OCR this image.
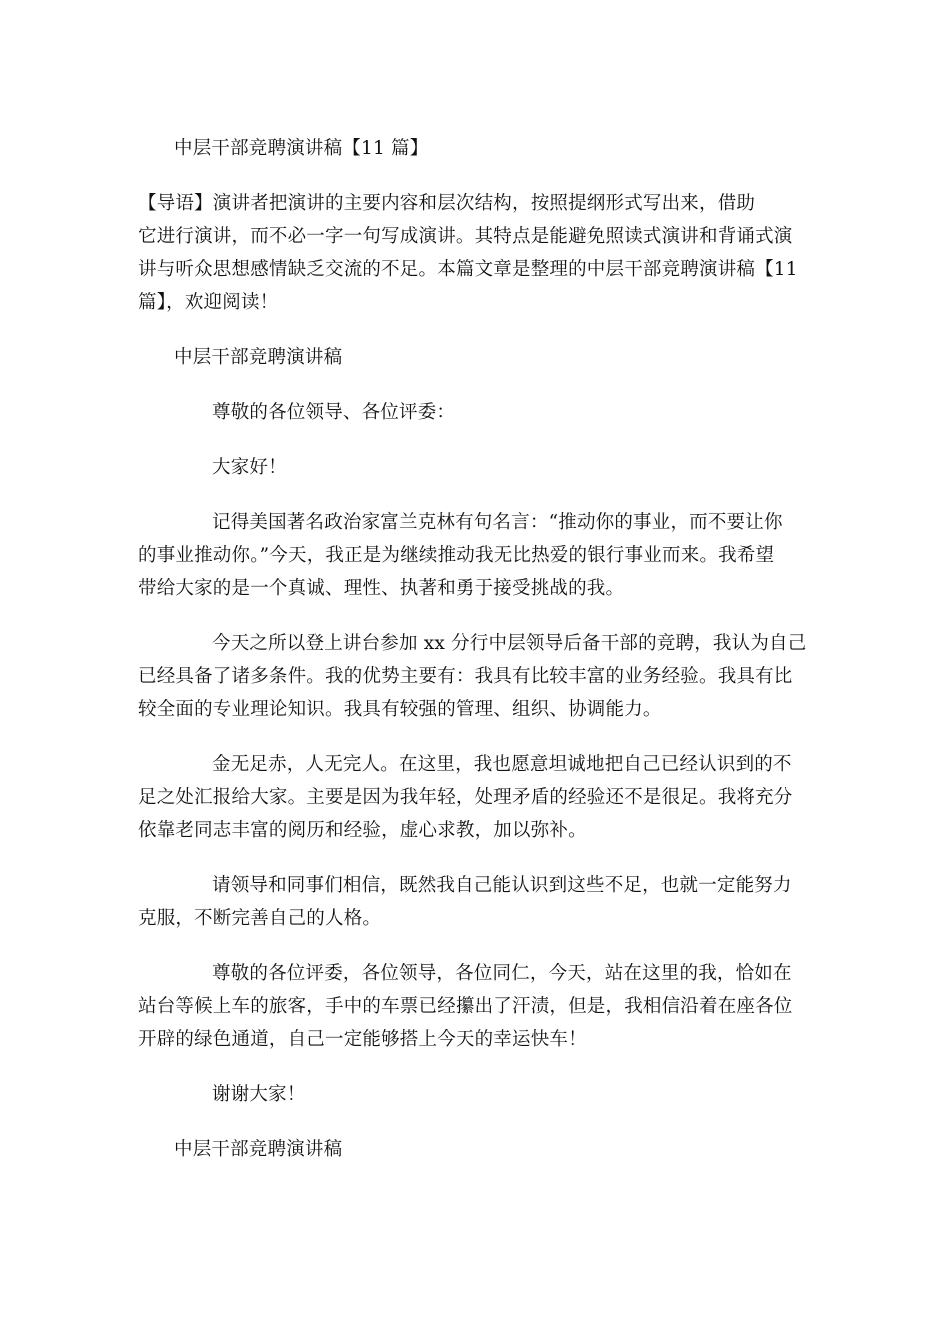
中层干部竞聘演讲稿【11 篇】
【导语】演讲者把演讲的主要内容和层次结构，按照提纲形式写出来，借助
它进行演讲，而不必一字一句写成演讲。其特点是能避免照读式演讲和背诵式演
讲与听众思想感情缺乏交流的不足。本篇文章是整理的中层干部竞聘演讲稿【11
篇】，欢迎阅读！
中层干部竞聘演讲稿
尊敬的各位领导、各位评委：
大家好！
记得美国著名政治家富兰克林有句名言：“推动你的事业，而不要让你
的事业推动你。”今天，我正是为继续推动我无比热爱的银行事业而来。我希望
带给大家的是一个真诚、理性、执著和勇于接受挑战的我。
今天之所以登上讲台参加 xx 分行中层领导后备干部的竞聘，我认为自己
已经具备了诸多条件。我的优势主要有：我具有比较丰富的业务经验。我具有比
较全面的专业理论知识。我具有较强的管理、组织、协调能力。
金无足赤，人无完人。在这里，我也愿意坦诚地把自己已经认识到的不
足之处汇报给大家。主要是因为我年轻，处理矛盾的经验还不是很足。我将充分
依靠老同志丰富的阅历和经验，虚心求教，加以弥补。
请领导和同事们相信，既然我自己能认识到这些不足，也就一定能努力
克服，不断完善自己的人格。
尊敬的各位评委，各位领导，各位同仁，今天，站在这里的我，恰如在
站台等候上车的旅客，手中的车票已经攥出了汗渍，但是，我相信沿着在座各位
开辟的绿色通道，自己一定能够搭上今天的幸运快车！
谢谢大家！
中层干部竞聘演讲稿
